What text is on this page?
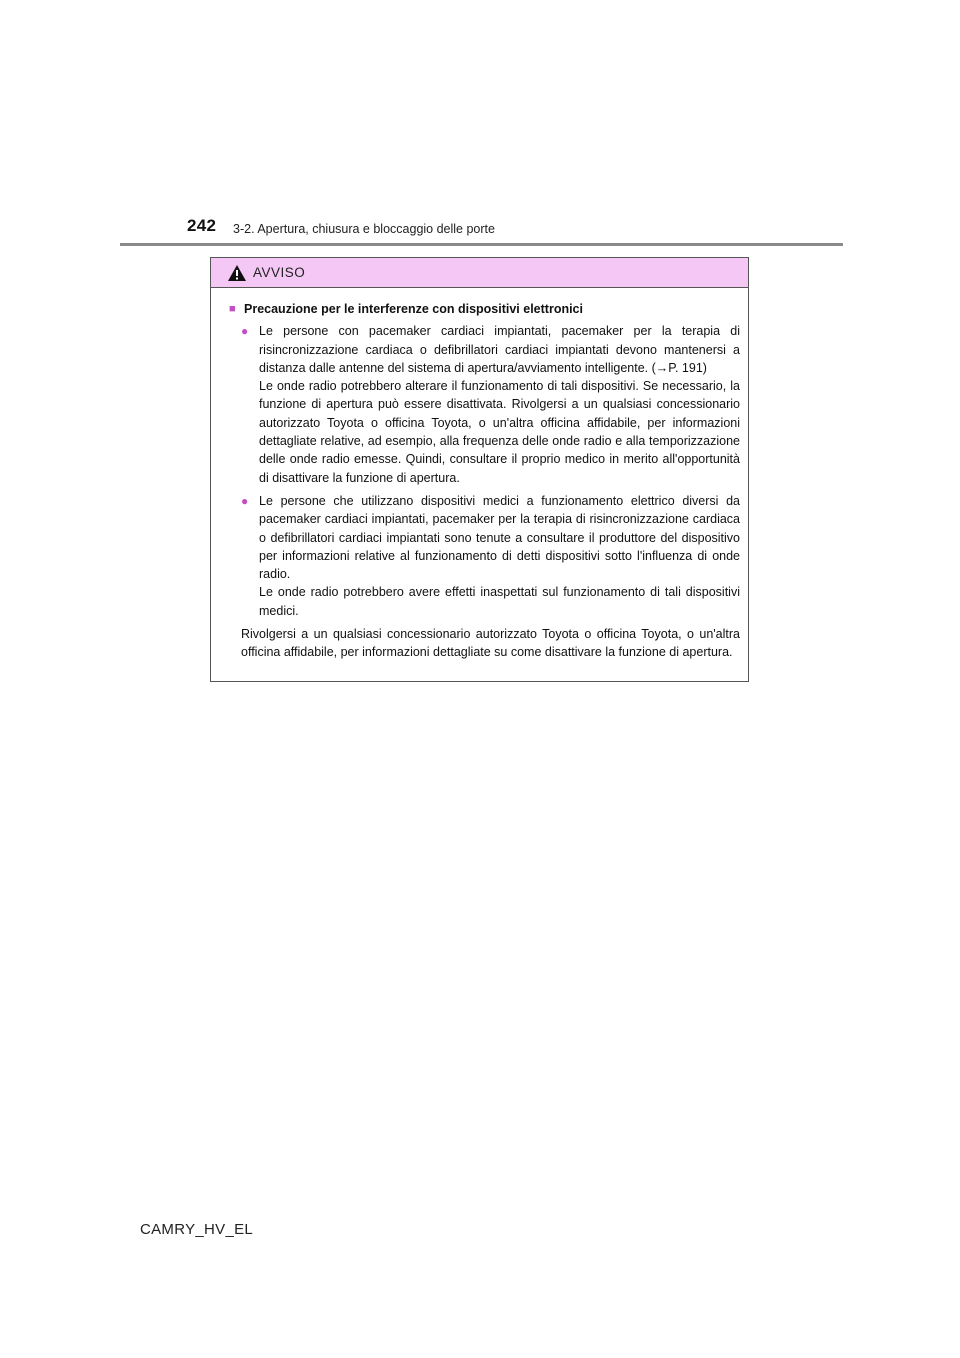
242 3-2. Apertura, chiusura e bloccaggio delle porte
AVVISO
■ Precauzione per le interferenze con dispositivi elettronici
● Le persone con pacemaker cardiaci impiantati, pacemaker per la terapia di risincronizzazione cardiaca o defibrillatori cardiaci impiantati devono mantenersi a distanza dalle antenne del sistema di apertura/avviamento intelligente. (→P. 191)

Le onde radio potrebbero alterare il funzionamento di tali dispositivi. Se necessario, la funzione di apertura può essere disattivata. Rivolgersi a un qualsiasi concessionario autorizzato Toyota o officina Toyota, o un'altra officina affidabile, per informazioni dettagliate relative, ad esempio, alla frequenza delle onde radio e alla temporizzazione delle onde radio emesse. Quindi, consultare il proprio medico in merito all'opportunità di disattivare la funzione di apertura.

● Le persone che utilizzano dispositivi medici a funzionamento elettrico diversi da pacemaker cardiaci impiantati, pacemaker per la terapia di risincronizzazione cardiaca o defibrillatori cardiaci impiantati sono tenute a consultare il produttore del dispositivo per informazioni relative al funzionamento di detti dispositivi sotto l'influenza di onde radio.

Le onde radio potrebbero avere effetti inaspettati sul funzionamento di tali dispositivi medici.

Rivolgersi a un qualsiasi concessionario autorizzato Toyota o officina Toyota, o un'altra officina affidabile, per informazioni dettagliate su come disattivare la funzione di apertura.

CAMRY_HV_EL
